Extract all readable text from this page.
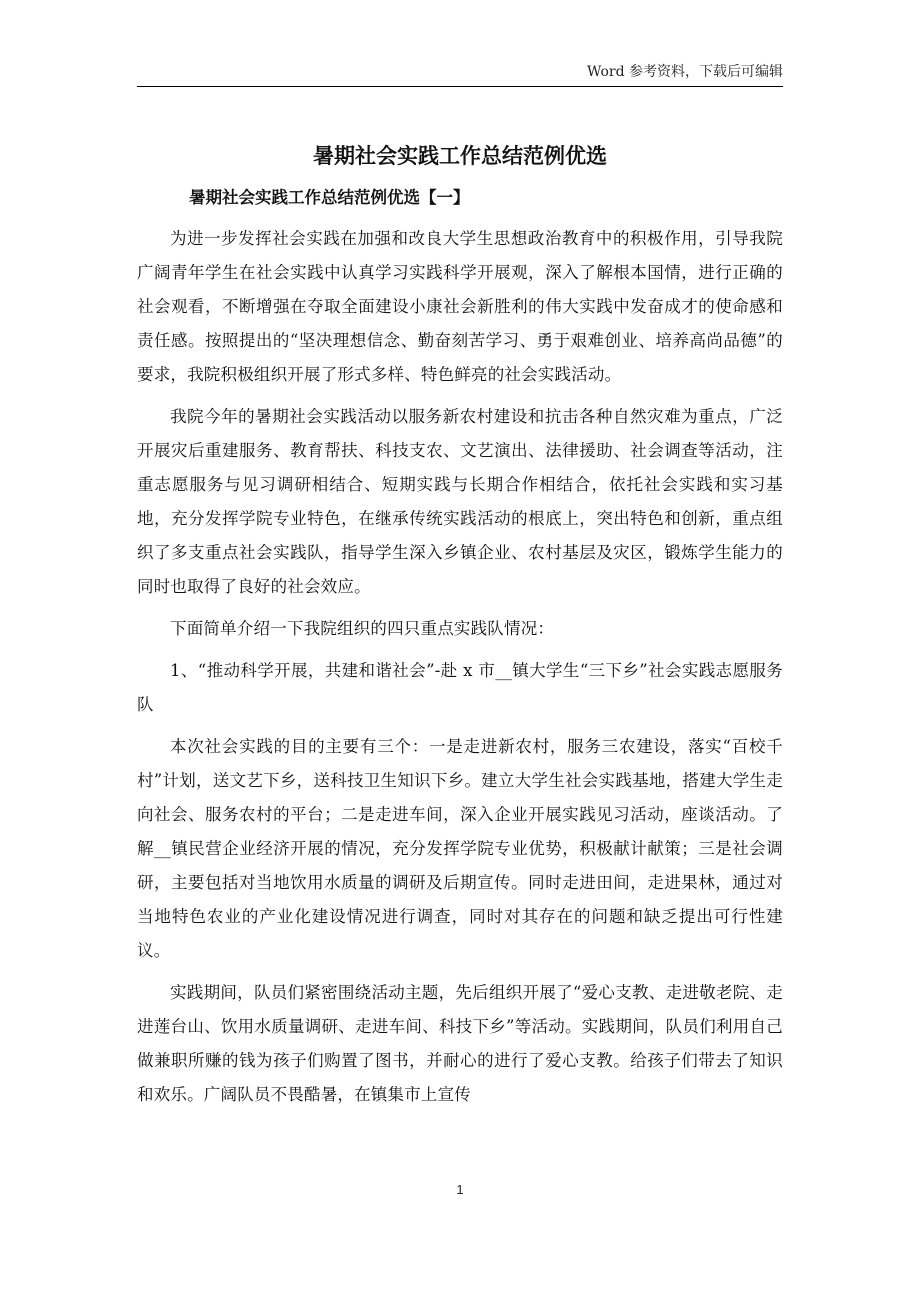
Word 参考资料，下载后可编辑
暑期社会实践工作总结范例优选
暑期社会实践工作总结范例优选【一】

为进一步发挥社会实践在加强和改良大学生思想政治教育中的积极作用，引导我院广阔青年学生在社会实践中认真学习实践科学开展观，深入了解根本国情，进行正确的社会观看，不断增强在夺取全面建设小康社会新胜利的伟大实践中发奋成才的使命感和责任感。按照提出的“坚决理想信念、勤奋刻苦学习、勇于艰难创业、培养高尚品德”的要求，我院积极组织开展了形式多样、特色鲜亮的社会实践活动。

我院今年的暑期社会实践活动以服务新农村建设和抗击各种自然灾难为重点，广泛开展灾后重建服务、教育帮扶、科技支农、文艺演出、法律援助、社会调查等活动，注重志愿服务与见习调研相结合、短期实践与长期合作相结合，依托社会实践和实习基地，充分发挥学院专业特色，在继承传统实践活动的根底上，突出特色和创新，重点组织了多支重点社会实践队，指导学生深入乡镇企业、农村基层及灾区，锻炼学生能力的同时也取得了良好的社会效应。

下面简单介绍一下我院组织的四只重点实践队情况：

1、“推动科学开展，共建和谐社会”-赴 x 市__镇大学生“三下乡”社会实践志愿服务队

本次社会实践的目的主要有三个：一是走进新农村，服务三农建设，落实“百校千村”计划，送文艺下乡，送科技卫生知识下乡。建立大学生社会实践基地，搭建大学生走向社会、服务农村的平台；二是走进车间，深入企业开展实践见习活动，座谈活动。了解__镇民营企业经济开展的情况，充分发挥学院专业优势，积极献计献策；三是社会调研，主要包括对当地饮用水质量的调研及后期宣传。同时走进田间，走进果林，通过对当地特色农业的产业化建设情况进行调查，同时对其存在的问题和缺乏提出可行性建议。

实践期间，队员们紧密围绕活动主题，先后组织开展了“爱心支教、走进敬老院、走进莲台山、饮用水质量调研、走进车间、科技下乡”等活动。实践期间，队员们利用自己做兼职所赚的钱为孩子们购置了图书，并耐心的进行了爱心支教。给孩子们带去了知识和欢乐。广阔队员不畏酷暑，在镇集市上宣传

1
